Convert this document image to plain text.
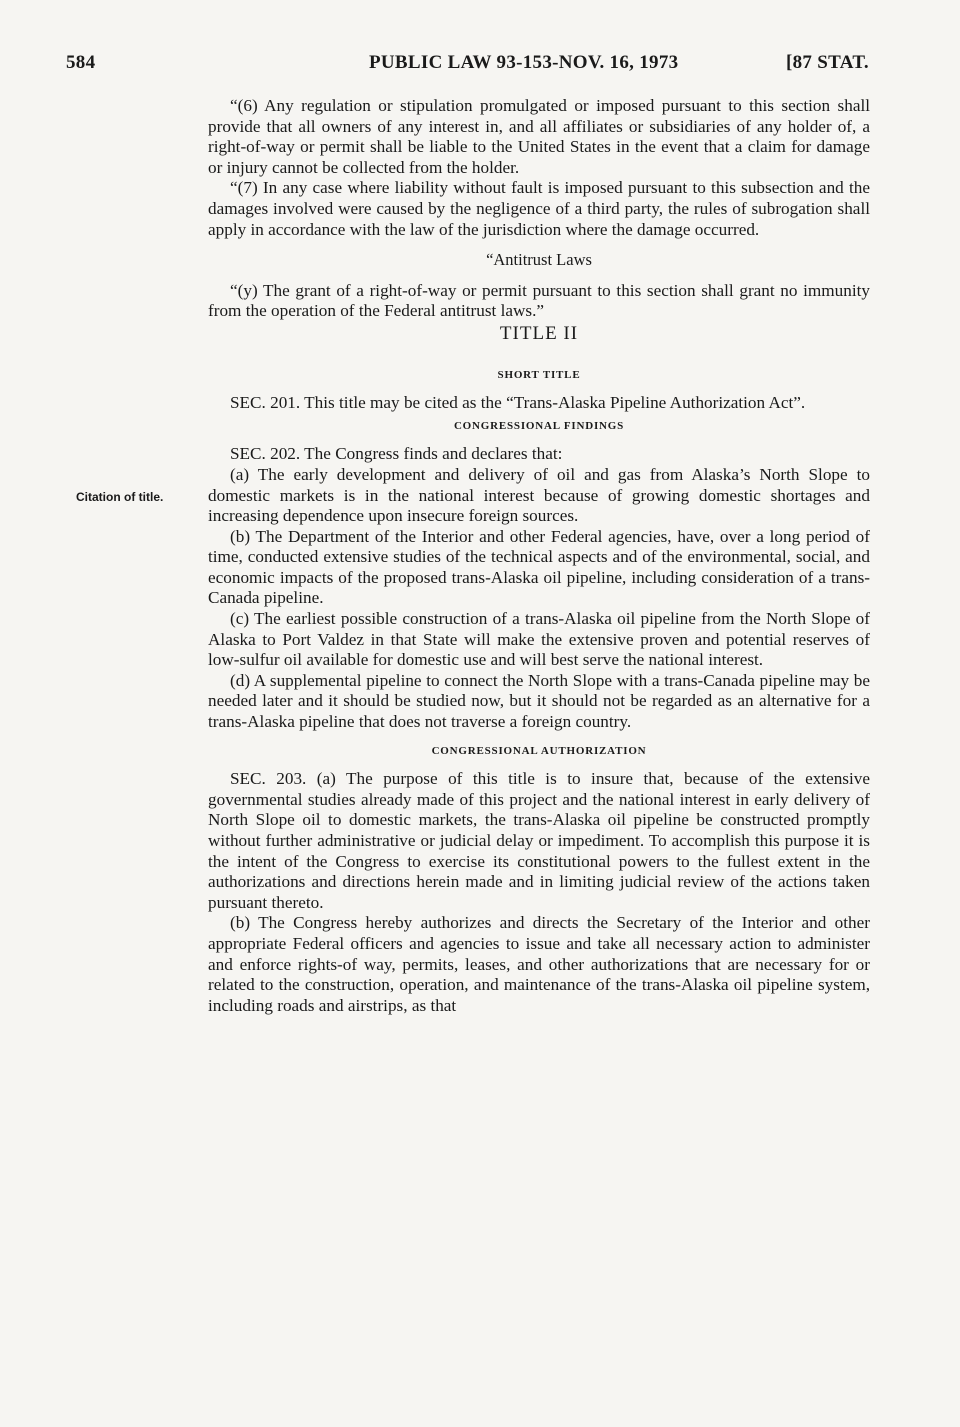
584	PUBLIC LAW 93-153-NOV. 16, 1973	[87 STAT.
Citation of title.

“(6) Any regulation or stipulation promulgated or imposed pursuant to this section shall provide that all owners of any interest in, and all affiliates or subsidiaries of any holder of, a right-of-way or permit shall be liable to the United States in the event that a claim for damage or injury cannot be collected from the holder.

“(7) In any case where liability without fault is imposed pursuant to this subsection and the damages involved were caused by the negligence of a third party, the rules of subrogation shall apply in accordance with the law of the jurisdiction where the damage occurred.

“Antitrust Laws

“(y) The grant of a right-of-way or permit pursuant to this section shall grant no immunity from the operation of the Federal antitrust laws.”

TITLE II

SHORT TITLE

SEC. 201. This title may be cited as the “Trans-Alaska Pipeline Authorization Act”.

CONGRESSIONAL FINDINGS

SEC. 202. The Congress finds and declares that:

(a) The early development and delivery of oil and gas from Alaska’s North Slope to domestic markets is in the national interest because of growing domestic shortages and increasing dependence upon insecure foreign sources.

(b) The Department of the Interior and other Federal agencies, have, over a long period of time, conducted extensive studies of the technical aspects and of the environmental, social, and economic impacts of the proposed trans-Alaska oil pipeline, including consideration of a trans-Canada pipeline.

(c) The earliest possible construction of a trans-Alaska oil pipeline from the North Slope of Alaska to Port Valdez in that State will make the extensive proven and potential reserves of low-sulfur oil available for domestic use and will best serve the national interest.

(d) A supplemental pipeline to connect the North Slope with a trans-Canada pipeline may be needed later and it should be studied now, but it should not be regarded as an alternative for a trans-Alaska pipeline that does not traverse a foreign country.

CONGRESSIONAL AUTHORIZATION

SEC. 203. (a) The purpose of this title is to insure that, because of the extensive governmental studies already made of this project and the national interest in early delivery of North Slope oil to domestic markets, the trans-Alaska oil pipeline be constructed promptly without further administrative or judicial delay or impediment. To accomplish this purpose it is the intent of the Congress to exercise its constitutional powers to the fullest extent in the authorizations and directions herein made and in limiting judicial review of the actions taken pursuant thereto.

(b) The Congress hereby authorizes and directs the Secretary of the Interior and other appropriate Federal officers and agencies to issue and take all necessary action to administer and enforce rights-of way, permits, leases, and other authorizations that are necessary for or related to the construction, operation, and maintenance of the trans-Alaska oil pipeline system, including roads and airstrips, as that
